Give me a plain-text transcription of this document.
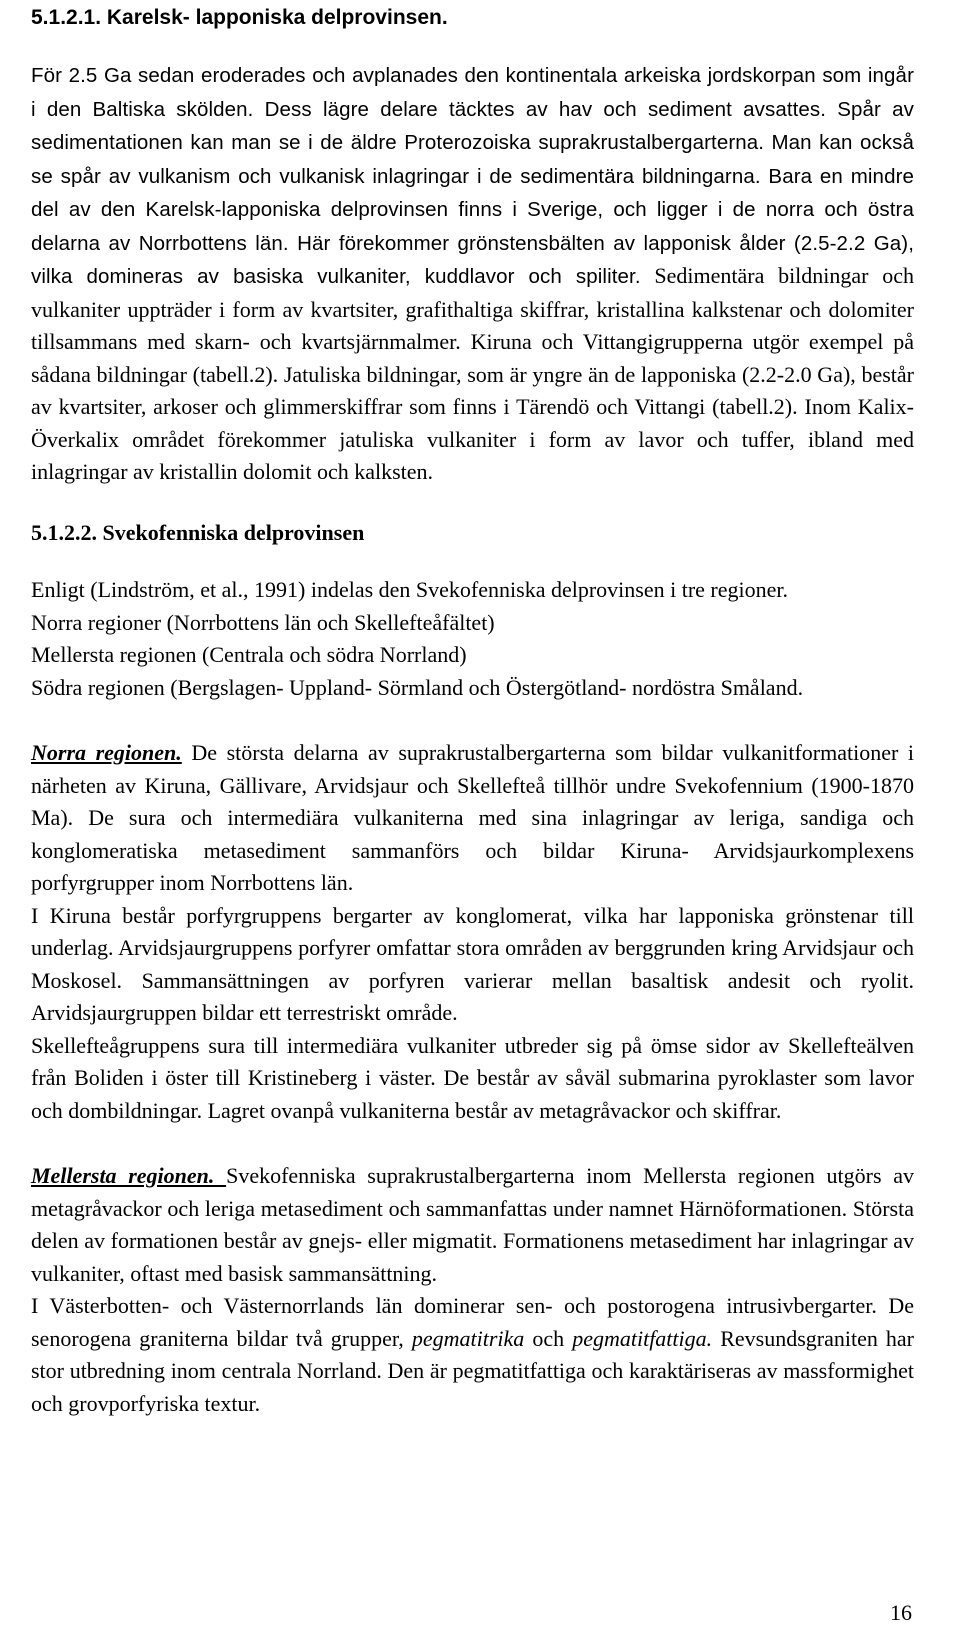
5.1.2.1. Karelsk- lapponiska delprovinsen.

För 2.5 Ga sedan eroderades och avplanades den kontinentala arkeiska jordskorpan som ingår i den Baltiska skölden. Dess lägre delare täcktes av hav och sediment avsattes. Spår av sedimentationen kan man se i de äldre Proterozoiska suprakrustalbergarterna. Man kan också se spår av vulkanism och vulkanisk inlagringar i de sedimentära bildningarna. Bara en mindre del av den Karelsk-lapponiska delprovinsen finns i Sverige, och ligger i de norra och östra delarna av Norrbottens län. Här förekommer grönstensbälten av lapponisk ålder (2.5-2.2 Ga), vilka domineras av basiska vulkaniter, kuddlavor och spiliter. Sedimentära bildningar och vulkaniter uppträder i form av kvartsiter, grafithaltiga skiffrar, kristallina kalkstenar och dolomiter tillsammans med skarn- och kvartsjärnmalmer. Kiruna och Vittangigrupperna utgör exempel på sådana bildningar (tabell.2). Jatuliska bildningar, som är yngre än de lapponiska (2.2-2.0 Ga), består av kvartsiter, arkoser och glimmerskiffrar som finns i Tärendö och Vittangi (tabell.2). Inom Kalix- Överkalix området förekommer jatuliska vulkaniter i form av lavor och tuffer, ibland med inlagringar av kristallin dolomit och kalksten.

5.1.2.2. Svekofenniska delprovinsen

Enligt (Lindström, et al., 1991) indelas den Svekofenniska delprovinsen i tre regioner.

Norra regioner (Norrbottens län och Skellefteåfältet)

Mellersta regionen (Centrala och södra Norrland)

Södra regionen (Bergslagen- Uppland- Sörmland och Östergötland- nordöstra Småland.

Norra regionen. De största delarna av suprakrustalbergarterna som bildar vulkanitformationer i närheten av Kiruna, Gällivare, Arvidsjaur och Skellefteå tillhör undre Svekofennium (1900-1870 Ma). De sura och intermediära vulkaniterna med sina inlagringar av leriga, sandiga och konglomeratiska metasediment sammanförs och bildar Kiruna- Arvidsjaurkomplexens porfyrgrupper inom Norrbottens län.

I Kiruna består porfyrgruppens bergarter av konglomerat, vilka har lapponiska grönstenar till underlag. Arvidsjaurgruppens porfyrer omfattar stora områden av berggrunden kring Arvidsjaur och Moskosel. Sammansättningen av porfyren varierar mellan basaltisk andesit och ryolit. Arvidsjaurgruppen bildar ett terrestriskt område.

Skellefteågruppens sura till intermediära vulkaniter utbreder sig på ömse sidor av Skellefteälven från Boliden i öster till Kristineberg i väster. De består av såväl submarina pyroklaster som lavor och dombildningar. Lagret ovanpå vulkaniterna består av metagråvackor och skiffrar.

Mellersta regionen. Svekofenniska suprakrustalbergarterna inom Mellersta regionen utgörs av metagråvackor och leriga metasediment och sammanfattas under namnet Härnöformationen. Största delen av formationen består av gnejs- eller migmatit. Formationens metasediment har inlagringar av vulkaniter, oftast med basisk sammansättning.

I Västerbotten- och Västernorrlands län dominerar sen- och postorogena intrusivbergarter. De senorogena graniterna bildar två grupper, pegmatitrika och pegmatitfattiga. Revsundsgraniten har stor utbredning inom centrala Norrland. Den är pegmatitfattiga och karaktäriseras av massformighet och grovporfyriska textur.

16
